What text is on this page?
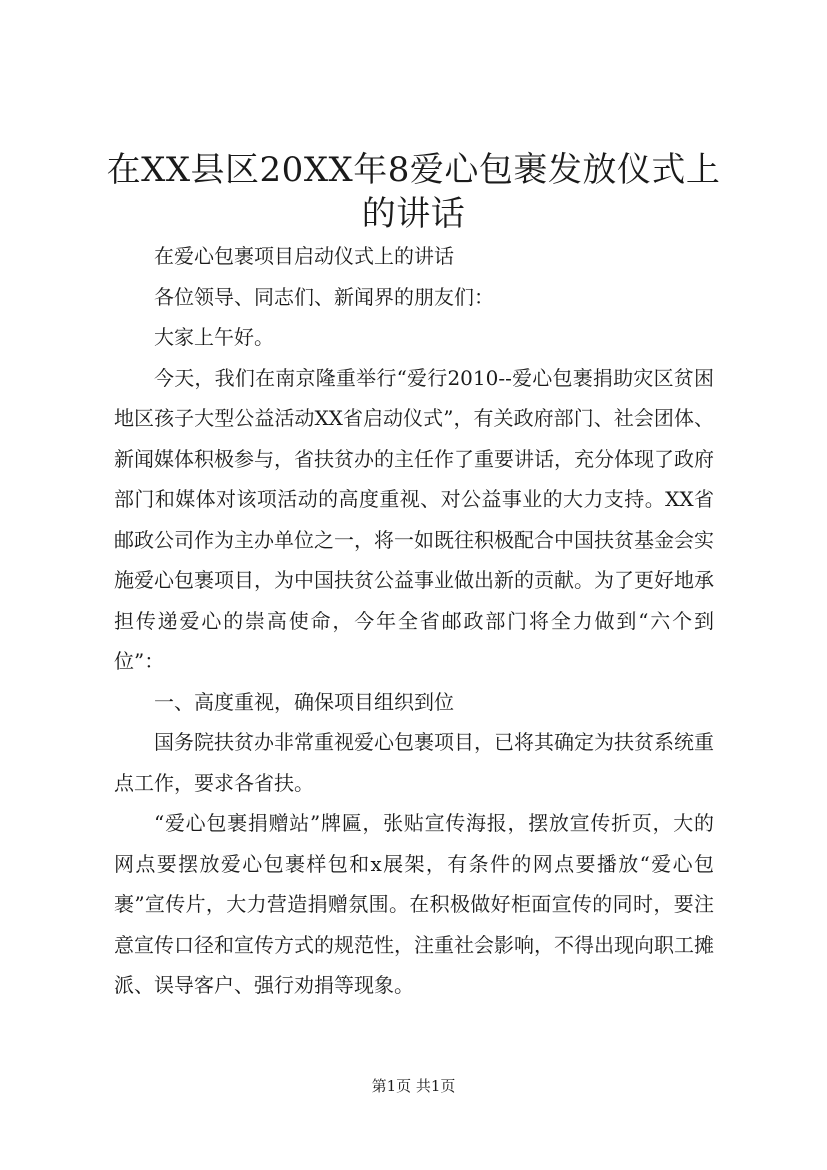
在XX县区20XX年8爱心包裹发放仪式上的讲话

在爱心包裹项目启动仪式上的讲话

各位领导、同志们、新闻界的朋友们：

大家上午好。

今天，我们在南京隆重举行“爱行2010--爱心包裹捐助灾区贫困地区孩子大型公益活动XX省启动仪式”，有关政府部门、社会团体、新闻媒体积极参与，省扶贫办的主任作了重要讲话，充分体现了政府部门和媒体对该项活动的高度重视、对公益事业的大力支持。XX省邮政公司作为主办单位之一，将一如既往积极配合中国扶贫基金会实施爱心包裹项目，为中国扶贫公益事业做出新的贡献。为了更好地承担传递爱心的崇高使命，今年全省邮政部门将全力做到“六个到位”：

一、高度重视，确保项目组织到位

国务院扶贫办非常重视爱心包裹项目，已将其确定为扶贫系统重点工作，要求各省扶。

“爱心包裹捐赠站”牌匾，张贴宣传海报，摆放宣传折页，大的网点要摆放爱心包裹样包和x展架，有条件的网点要播放“爱心包裹”宣传片，大力营造捐赠氛围。在积极做好柜面宣传的同时，要注意宣传口径和宣传方式的规范性，注重社会影响，不得出现向职工摊派、误导客户、强行劝捐等现象。

第1页 共1页
